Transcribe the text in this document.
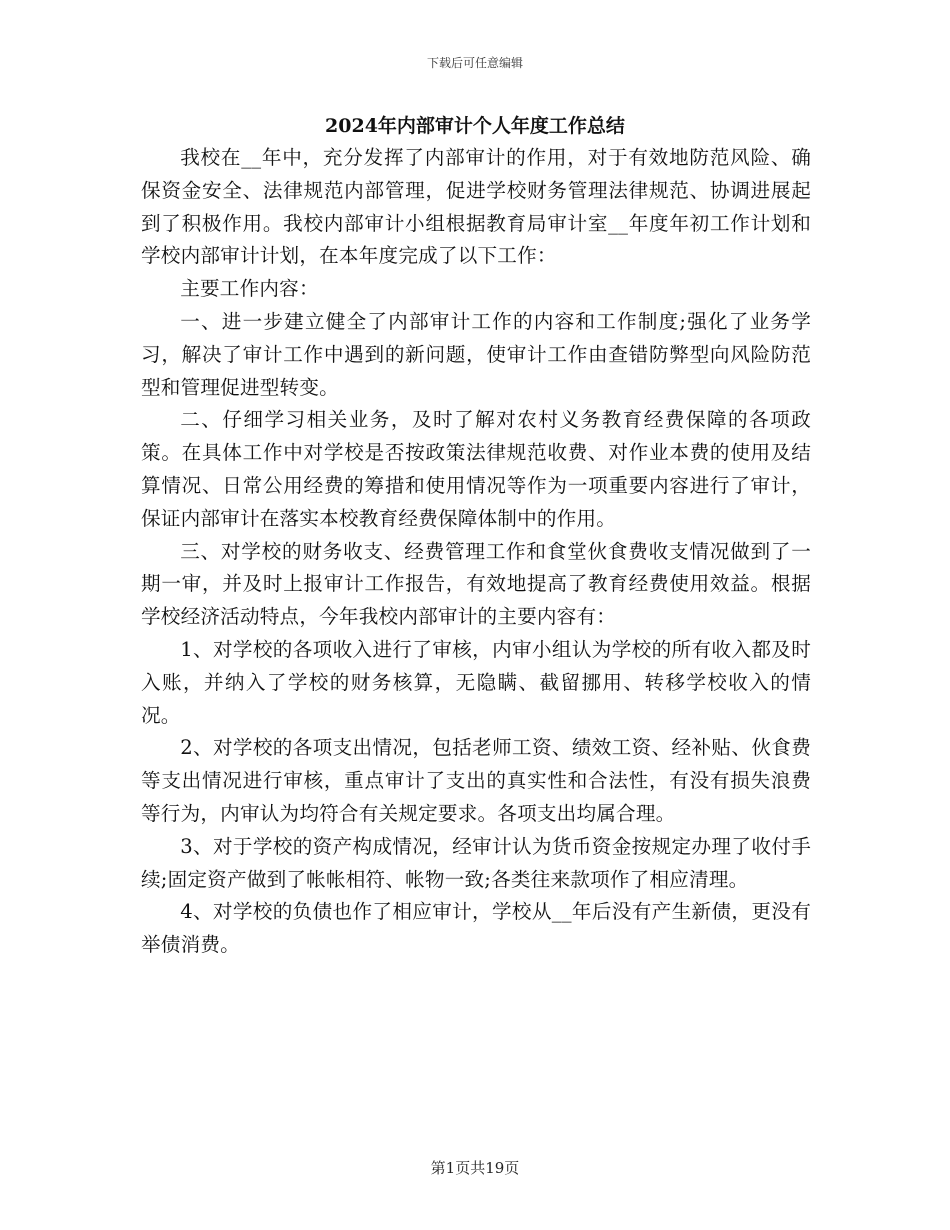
下载后可任意编辑
2024年内部审计个人年度工作总结

我校在__年中，充分发挥了内部审计的作用，对于有效地防范风险、确保资金安全、法律规范内部管理，促进学校财务管理法律规范、协调进展起到了积极作用。我校内部审计小组根据教育局审计室__年度年初工作计划和学校内部审计计划，在本年度完成了以下工作：

主要工作内容：

一、进一步建立健全了内部审计工作的内容和工作制度;强化了业务学习，解决了审计工作中遇到的新问题，使审计工作由查错防弊型向风险防范型和管理促进型转变。

二、仔细学习相关业务，及时了解对农村义务教育经费保障的各项政策。在具体工作中对学校是否按政策法律规范收费、对作业本费的使用及结算情况、日常公用经费的筹措和使用情况等作为一项重要内容进行了审计，保证内部审计在落实本校教育经费保障体制中的作用。

三、对学校的财务收支、经费管理工作和食堂伙食费收支情况做到了一期一审，并及时上报审计工作报告，有效地提高了教育经费使用效益。根据学校经济活动特点，今年我校内部审计的主要内容有：

1、对学校的各项收入进行了审核，内审小组认为学校的所有收入都及时入账，并纳入了学校的财务核算，无隐瞒、截留挪用、转移学校收入的情况。

2、对学校的各项支出情况，包括老师工资、绩效工资、经补贴、伙食费等支出情况进行审核，重点审计了支出的真实性和合法性，有没有损失浪费等行为，内审认为均符合有关规定要求。各项支出均属合理。

3、对于学校的资产构成情况，经审计认为货币资金按规定办理了收付手续;固定资产做到了帐帐相符、帐物一致;各类往来款项作了相应清理。

4、对学校的负债也作了相应审计，学校从__年后没有产生新债，更没有举债消费。

第1页共19页
